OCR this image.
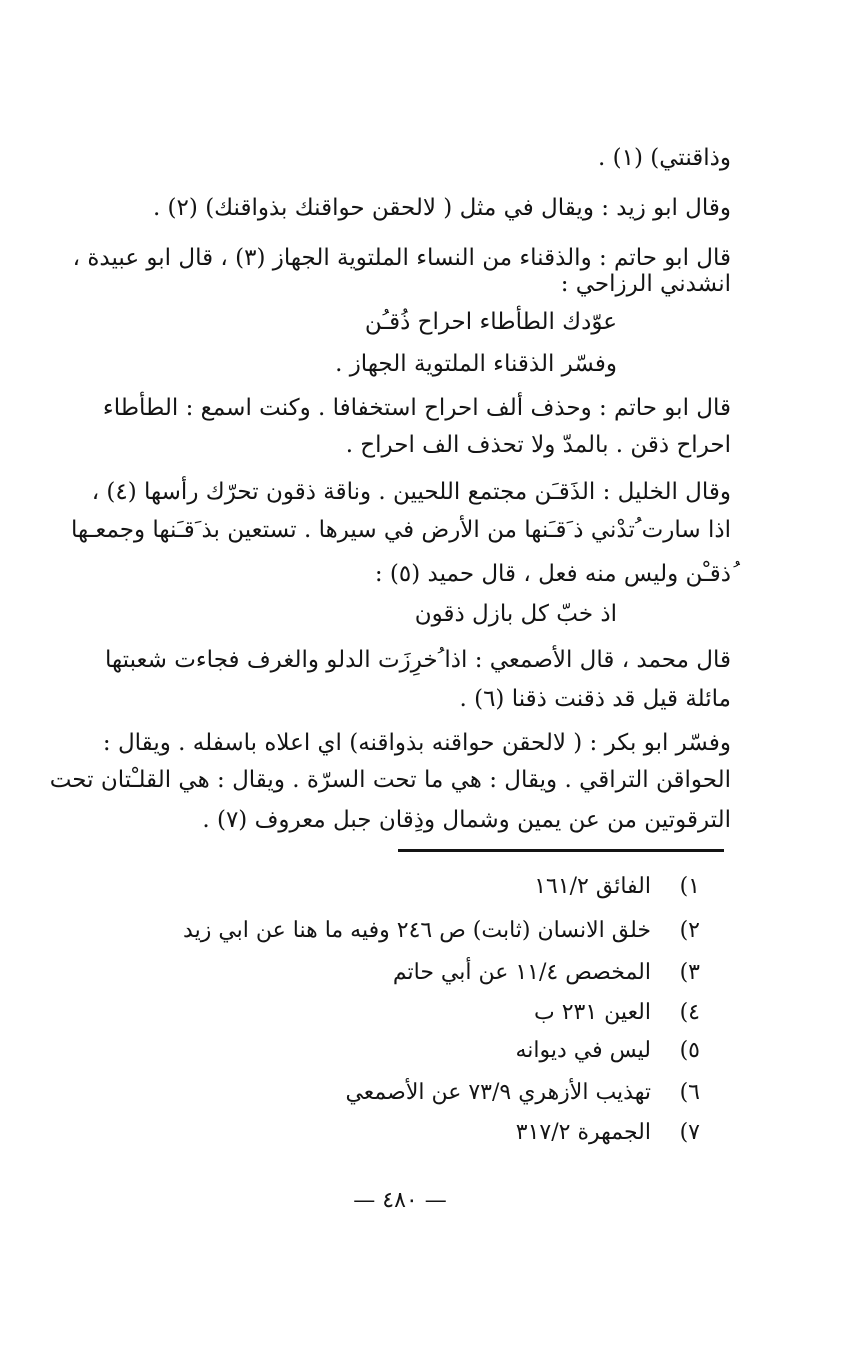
وذاقنتي) (١) .
وقال ابو زيد : ويقال في مثل ( لالحقن حواقنك بذواقنك) (٢) .
قال ابو حاتم : والذقناء من النساء الملتوية الجهاز (٣) ، قال ابو عبيدة ،
انشدني الرزاحي :
عوّدك الطأطاء احراح ذُقـُن
وفسّر الذقناء الملتوية الجهاز .
قال ابو حاتم : وحذف ألف احراح استخفافا . وكنت اسمع : الطأطاء
احراح ذقن . بالمدّ ولا تحذف الف احراح .
وقال الخليل : الذَقـَن مجتمع اللحيين . وناقة ذقون تحرّك رأسها (٤) ،
اذا سارت ُتدْني ذ َقـَنها من الأرض في سيرها . تستعين بذ َقـَنها وجمعـها
ُذقـْن وليس منه فعل ، قال حميد (٥) :
اذ خبّ كل بازل ذقون
قال محمد ، قال الأصمعي : اذا ُخرِزَت الدلو والغرف فجاءت شعبتها
مائلة قيل قد ذقنت ذقنا (٦) .
وفسّر ابو بكر : ( لالحقن حواقنه بذواقنه) اي اعلاه باسفله . ويقال :
الحواقن التراقي . ويقال : هي ما تحت السرّة . ويقال : هي القلـْتان تحت
الترقوتين من عن يمين وشمال وذِقان جبل معروف (٧) .
١) الفائق ١٦١/٢
٢) خلق الانسان (ثابت) ص ٢٤٦ وفيه ما هنا عن ابي زيد
٣) المخصص ١١/٤ عن أبي حاتم
٤) العين ٢٣١ ب
٥) ليس في ديوانه
٦) تهذيب الأزهري ٧٣/٩ عن الأصمعي
٧) الجمهرة ٣١٧/٢
— ٤٨٠ —
